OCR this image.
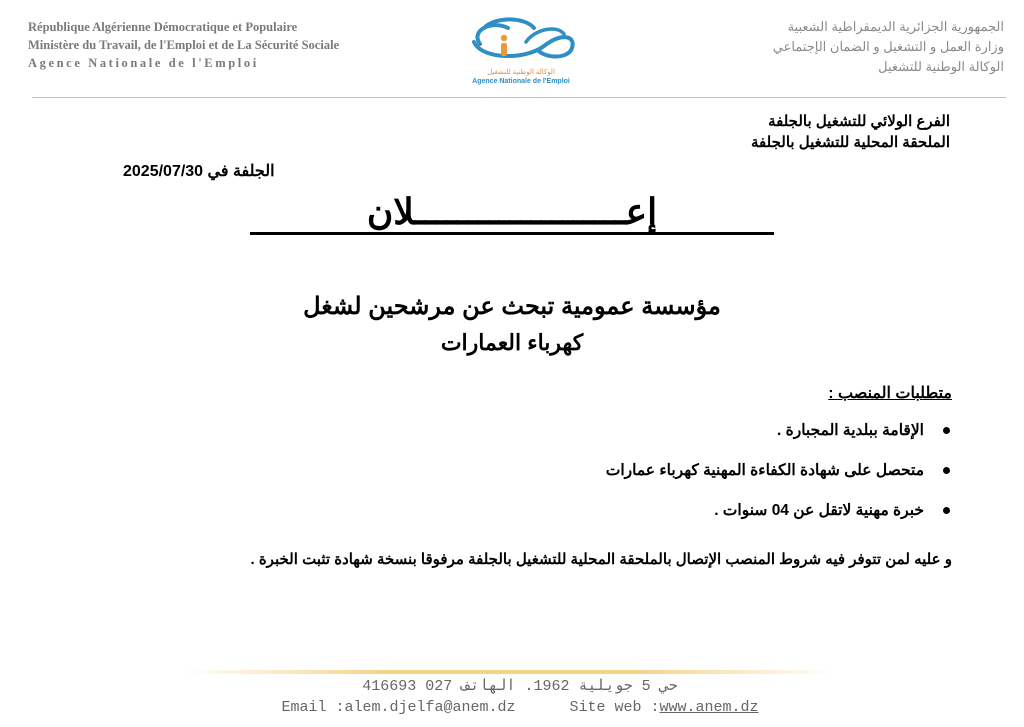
République Algérienne Démocratique et Populaire
Ministère du Travail, de l'Emploi et de La Sécurité Sociale
Agence Nationale de l'Emploi
الوكالة الوطنية للتشغيل
Agence Nationale de l'Emploi
الجمهورية الجزائرية الديمقراطية الشعبية
وزارة العمل و التشغيل و الضمان الإجتماعي
الوكالة الوطنية للتشغيل
الفرع الولائي للتشغيل بالجلفة
الملحقة المحلية للتشغيل بالجلفة
الجلفة في 2025/07/30
إعــــــــــــــــــــلان
مؤسسة عمومية تبحث عن مرشحين لشغل
كهرباء العمارات
متطلبات المنصب :
الإقامة ببلدية المجبارة .
متحصل على شهادة الكفاءة المهنية كهرباء عمارات
خبرة مهنية لاتقل عن 04 سنوات .
و عليه لمن تتوفر فيه شروط المنصب الإتصال بالملحقة المحلية للتشغيل بالجلفة مرفوقا بنسخة شهادة تثبت الخبرة .
حي 5 جويلية 1962. الهاتف 027 416693
Email :alem.djelfa@anem.dz	Site web :www.anem.dz
